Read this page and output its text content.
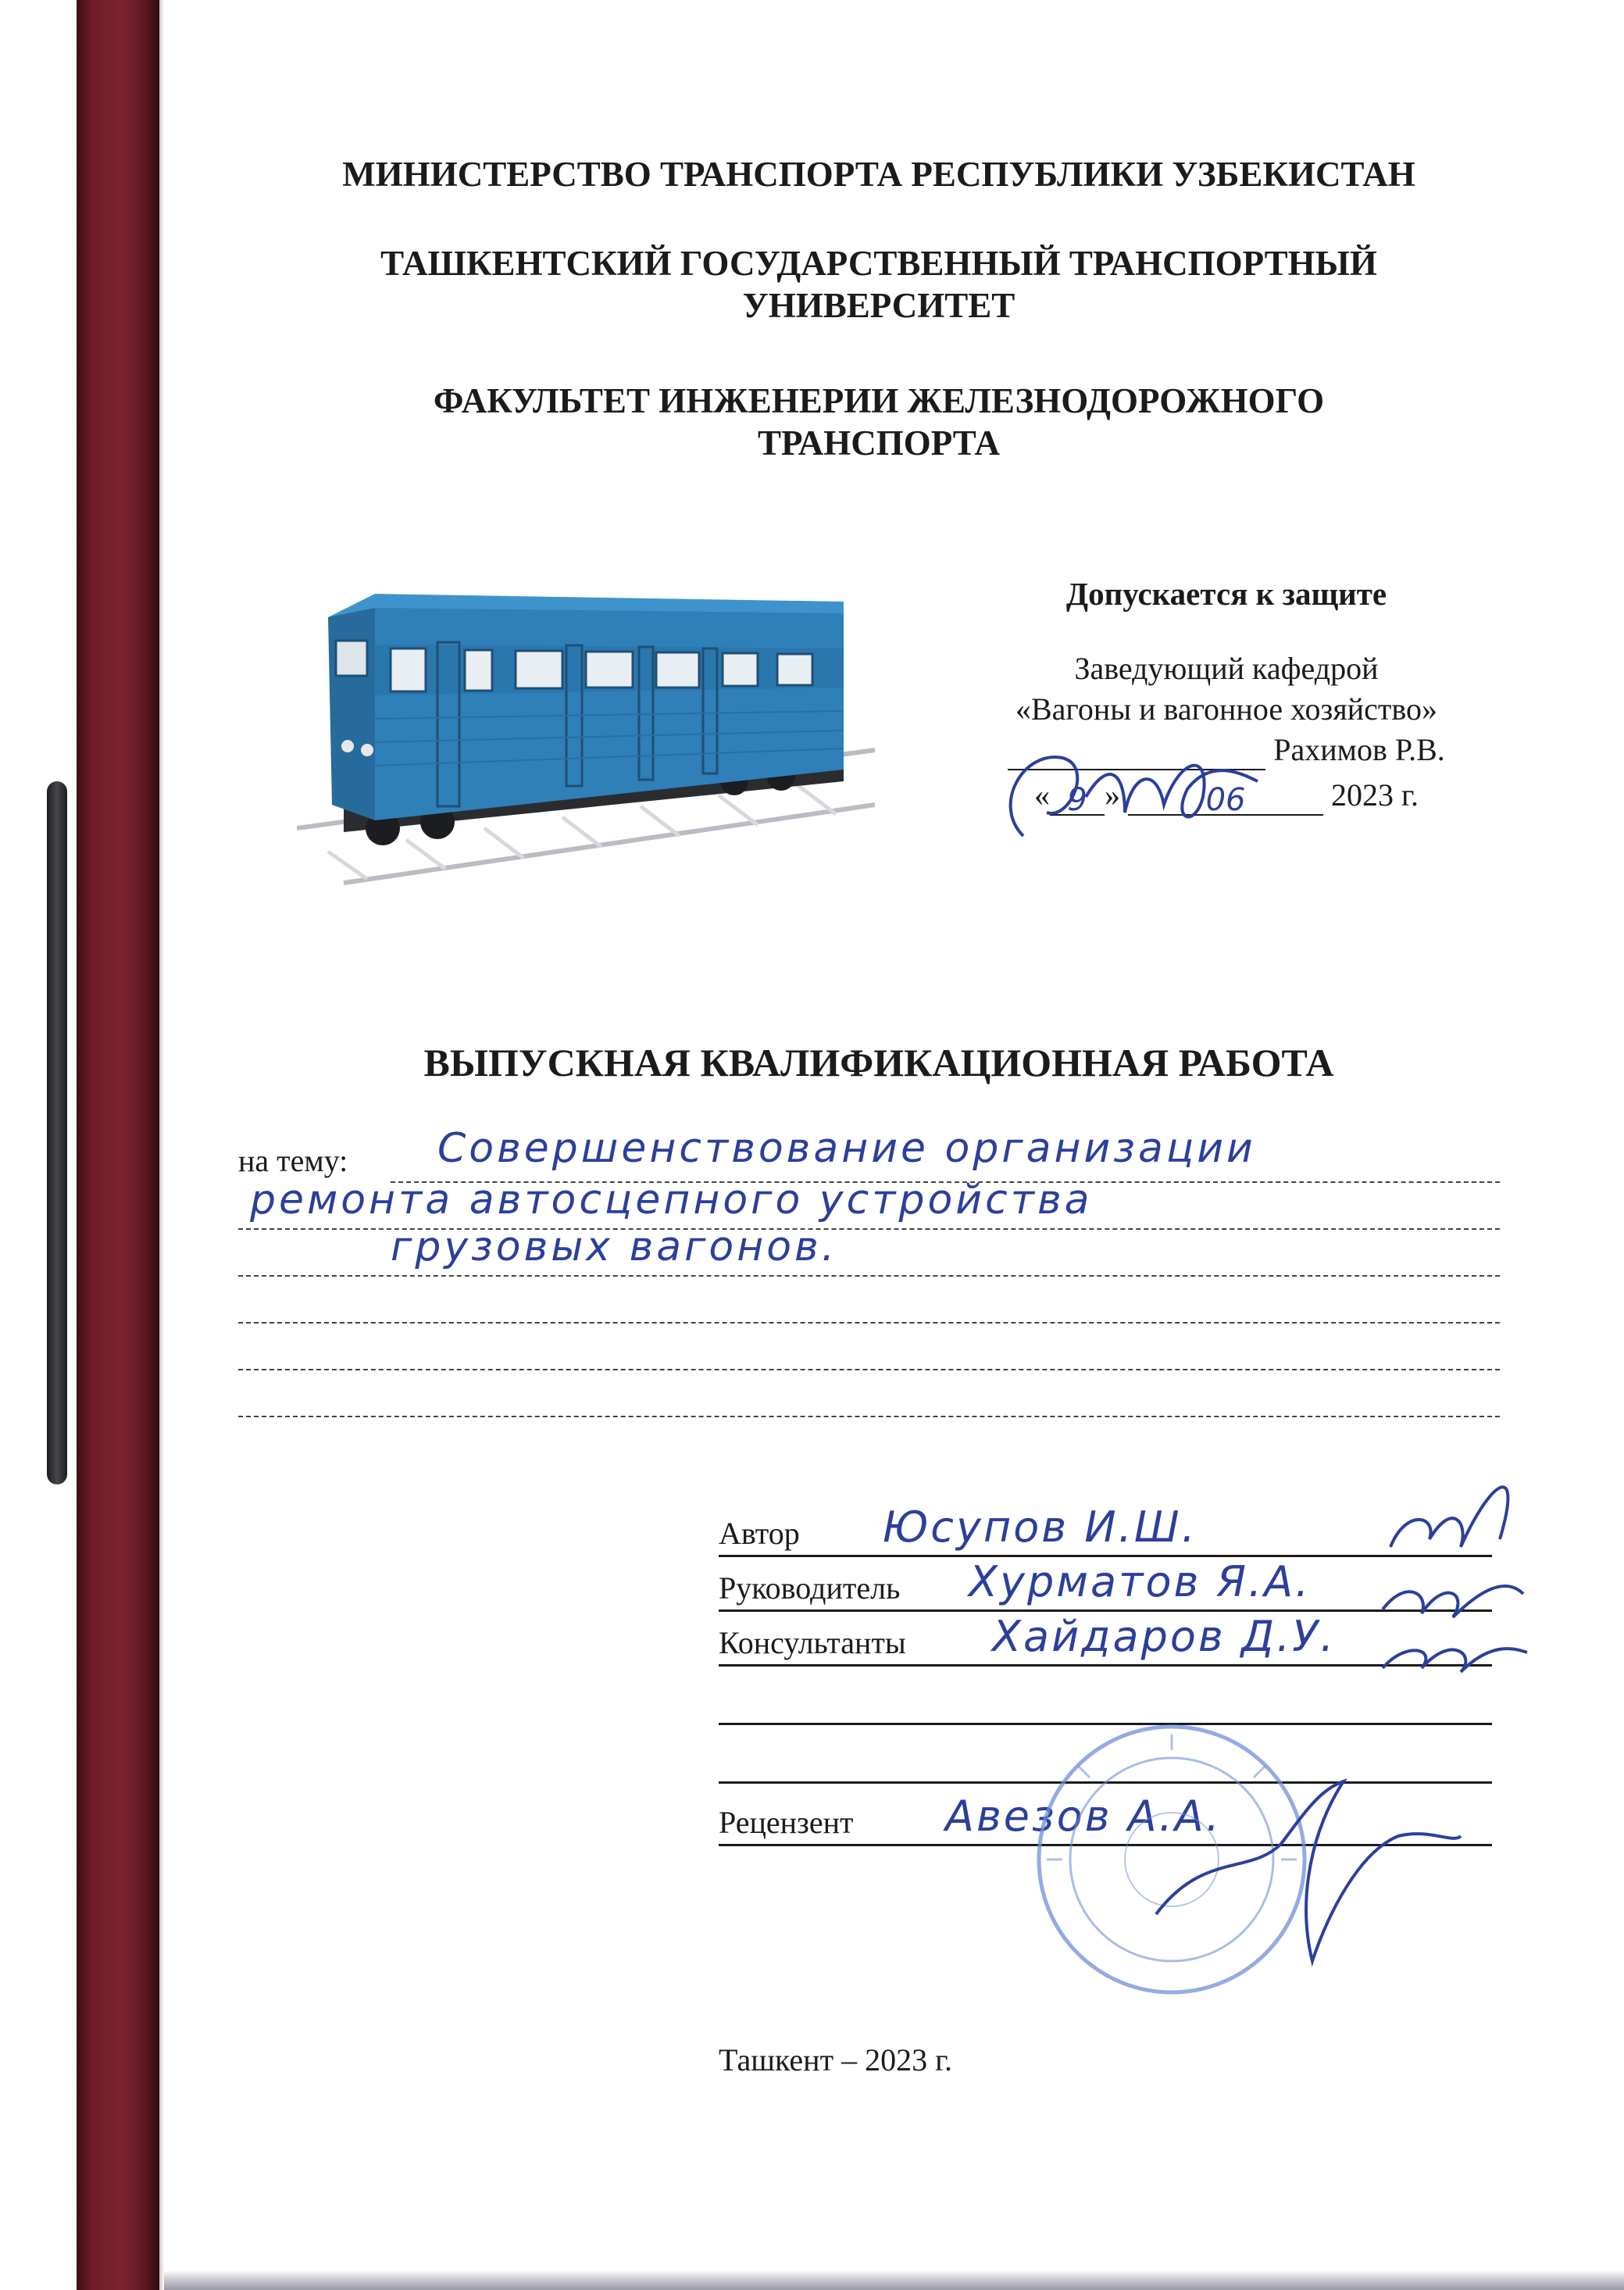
МИНИСТЕРСТВО ТРАНСПОРТА РЕСПУБЛИКИ УЗБЕКИСТАН
ТАШКЕНТСКИЙ ГОСУДАРСТВЕННЫЙ ТРАНСПОРТНЫЙ
УНИВЕРСИТЕТ
ФАКУЛЬТЕТ ИНЖЕНЕРИИ ЖЕЛЕЗНОДОРОЖНОГО
ТРАНСПОРТА
Допускается к защите
Заведующий кафедрой
«Вагоны и вагонное хозяйство»
Рахимов Р.В.
« 9 »	06	2023 г.
ВЫПУСКНАЯ КВАЛИФИКАЦИОННАЯ РАБОТА
на тему: Совершенствование организации
ремонта автосцепного устройства
грузовых вагонов.
Автор Юсупов И.Ш.
Руководитель Хурматов Я.А.
Консультанты Хайдаров Д.У.
Рецензент Авезов А.А.
Ташкент – 2023 г.
